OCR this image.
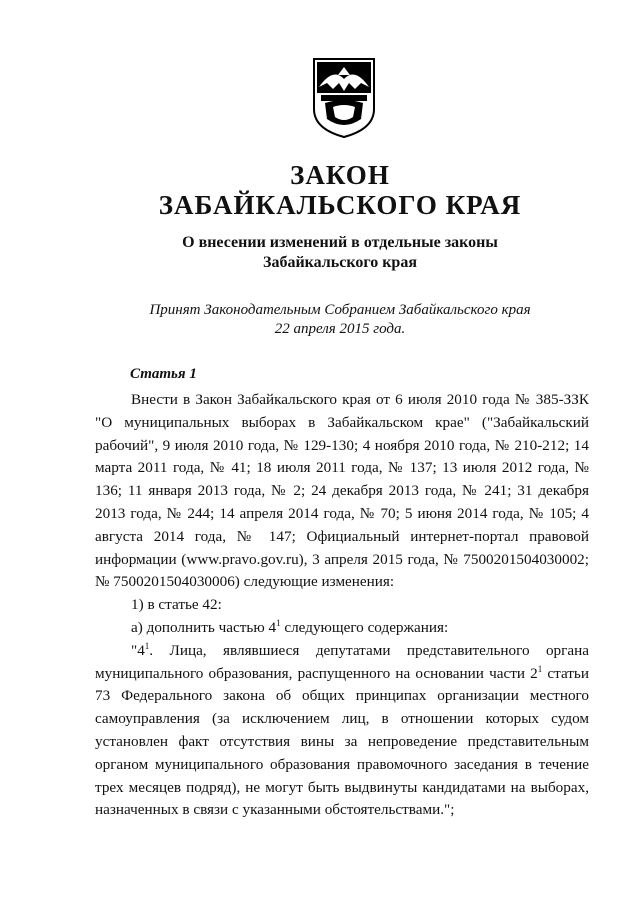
ЗАКОН
ЗАБАЙКАЛЬСКОГО КРАЯ
О внесении изменений в отдельные законы
Забайкальского края
Принят Законодательным Собранием Забайкальского края
22 апреля 2015 года.
Статья 1

Внести в Закон Забайкальского края от 6 июля 2010 года № 385-ЗЗК "О муниципальных выборах в Забайкальском крае" ("Забайкальский рабочий", 9 июля 2010 года, № 129-130; 4 ноября 2010 года, № 210-212; 14 марта 2011 года, № 41; 18 июля 2011 года, № 137; 13 июля 2012 года, № 136; 11 января 2013 года, № 2; 24 декабря 2013 года, № 241; 31 декабря 2013 года, № 244; 14 апреля 2014 года, № 70; 5 июня 2014 года, № 105; 4 августа 2014 года, № 147; Официальный интернет-портал правовой информации (www.pravo.gov.ru), 3 апреля 2015 года, № 7500201504030002; № 7500201504030006) следующие изменения:

1) в статье 42:

а) дополнить частью $4^1$ следующего содержания:

"$4^1$. Лица, являвшиеся депутатами представительного органа муниципального образования, распущенного на основании части $2^1$ статьи 73 Федерального закона об общих принципах организации местного самоуправления (за исключением лиц, в отношении которых судом установлен факт отсутствия вины за непроведение представительным органом муниципального образования правомочного заседания в течение трех месяцев подряд), не могут быть выдвинуты кандидатами на выборах, назначенных в связи с указанными обстоятельствами.";
